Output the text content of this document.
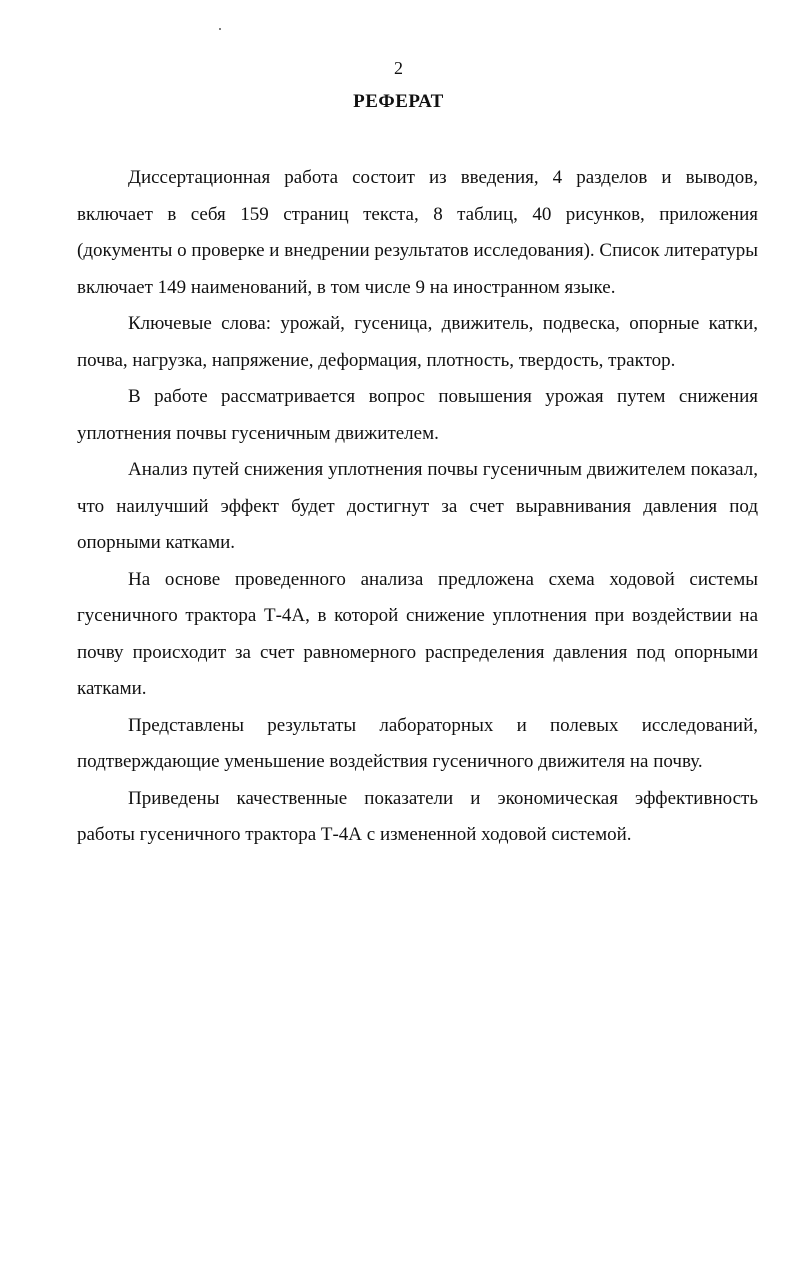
2
РЕФЕРАТ

Диссертационная работа состоит из введения, 4 разделов и выводов, включает в себя 159 страниц текста, 8 таблиц, 40 рисунков, приложения (документы о проверке и внедрении результатов исследования). Список литературы включает 149 наименований, в том числе 9 на иностранном языке.

Ключевые слова: урожай, гусеница, движитель, подвеска, опорные катки, почва, нагрузка, напряжение, деформация, плотность, твердость, трактор.

В работе рассматривается вопрос повышения урожая путем снижения уплотнения почвы гусеничным движителем.

Анализ путей снижения уплотнения почвы гусеничным движителем показал, что наилучший эффект будет достигнут за счет выравнивания давления под опорными катками.

На основе проведенного анализа предложена схема ходовой системы гусеничного трактора Т-4А, в которой снижение уплотнения при воздействии на почву происходит за счет равномерного распределения давления под опорными катками.

Представлены результаты лабораторных и полевых исследований, подтверждающие уменьшение воздействия гусеничного движителя на почву.

Приведены качественные показатели и экономическая эффективность работы гусеничного трактора Т-4А с измененной ходовой системой.
